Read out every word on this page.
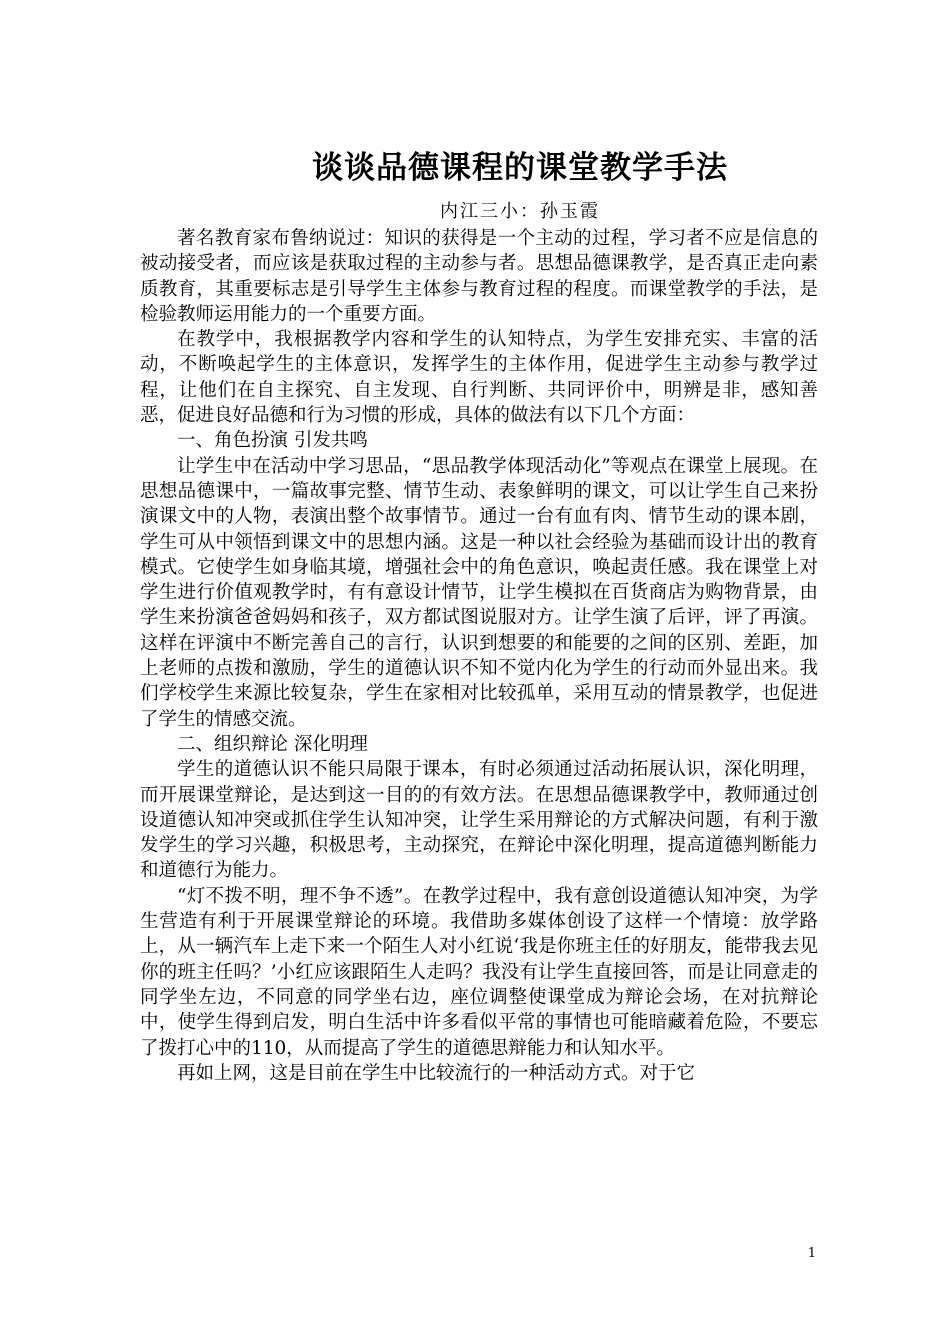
谈谈品德课程的课堂教学手法
内江三小：孙玉霞

著名教育家布鲁纳说过：知识的获得是一个主动的过程，学习者不应是信息的被动接受者，而应该是获取过程的主动参与者。思想品德课教学，是否真正走向素质教育，其重要标志是引导学生主体参与教育过程的程度。而课堂教学的手法，是检验教师运用能力的一个重要方面。

在教学中，我根据教学内容和学生的认知特点，为学生安排充实、丰富的活动，不断唤起学生的主体意识，发挥学生的主体作用，促进学生主动参与教学过程，让他们在自主探究、自主发现、自行判断、共同评价中，明辨是非，感知善恶，促进良好品德和行为习惯的形成，具体的做法有以下几个方面：

一、角色扮演 引发共鸣

让学生中在活动中学习思品，“思品教学体现活动化”等观点在课堂上展现。在思想品德课中，一篇故事完整、情节生动、表象鲜明的课文，可以让学生自己来扮演课文中的人物，表演出整个故事情节。通过一台有血有肉、情节生动的课本剧，学生可从中领悟到课文中的思想内涵。这是一种以社会经验为基础而设计出的教育模式。它使学生如身临其境，增强社会中的角色意识，唤起责任感。我在课堂上对学生进行价值观教学时，有有意设计情节，让学生模拟在百货商店为购物背景，由学生来扮演爸爸妈妈和孩子，双方都试图说服对方。让学生演了后评，评了再演。这样在评演中不断完善自己的言行，认识到想要的和能要的之间的区别、差距，加上老师的点拨和激励，学生的道德认识不知不觉内化为学生的行动而外显出来。我们学校学生来源比较复杂，学生在家相对比较孤单，采用互动的情景教学，也促进了学生的情感交流。

二、组织辩论 深化明理

学生的道德认识不能只局限于课本，有时必须通过活动拓展认识，深化明理，而开展课堂辩论，是达到这一目的的有效方法。在思想品德课教学中，教师通过创设道德认知冲突或抓住学生认知冲突，让学生采用辩论的方式解决问题，有利于激发学生的学习兴趣，积极思考，主动探究，在辩论中深化明理，提高道德判断能力和道德行为能力。

“灯不拨不明，理不争不透”。在教学过程中，我有意创设道德认知冲突，为学生营造有利于开展课堂辩论的环境。我借助多媒体创设了这样一个情境：放学路上，从一辆汽车上走下来一个陌生人对小红说‘我是你班主任的好朋友，能带我去见你的班主任吗？’小红应该跟陌生人走吗？我没有让学生直接回答，而是让同意走的同学坐左边，不同意的同学坐右边，座位调整使课堂成为辩论会场，在对抗辩论中，使学生得到启发，明白生活中许多看似平常的事情也可能暗藏着危险，不要忘了拨打心中的110，从而提高了学生的道德思辩能力和认知水平。

再如上网，这是目前在学生中比较流行的一种活动方式。对于它

1
